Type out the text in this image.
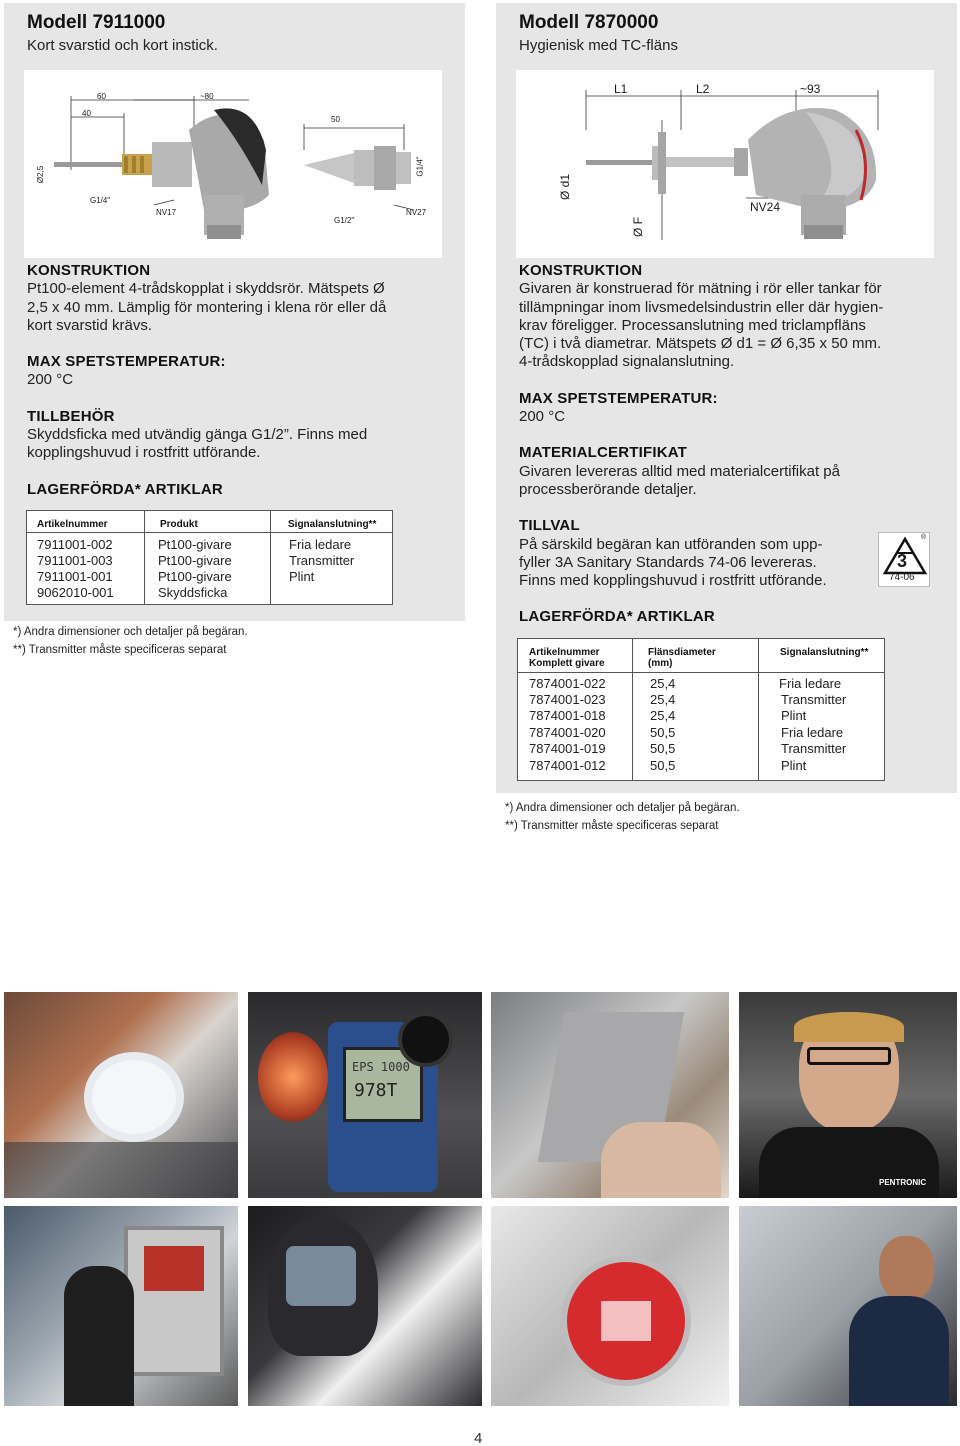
Modell 7911000
Kort svarstid och kort instick.
60	~80
40
50
Ø2,5
G1/4"
NV17
G1/2"
NV27
G1/4"

KONSTRUKTION

Pt100-element 4-trådskopplat i skyddsrör. Mätspets Ø

2,5 x 40 mm. Lämplig för montering i klena rör eller då

kort svarstid krävs.

MAX SPETSTEMPERATUR:

200 °C

TILLBEHÖR

Skyddsficka med utvändig gänga G1/2”. Finns med

kopplingshuvud i rostfritt utförande.

LAGERFÖRDA* ARTIKLAR

Artikelnummer	Produkt	Signalanslutning**
7911001-002	Pt100-givare	Fria ledare
7911001-003	Pt100-givare	Transmitter
7911001-001	Pt100-givare	Plint
9062010-001	Skyddsficka

*) Andra dimensioner och detaljer på begäran.

**) Transmitter måste specificeras separat

Modell 7870000
Hygienisk med TC-fläns
L1	L2	~93
Ø d1
Ø F
NV24

KONSTRUKTION

Givaren är konstruerad för mätning i rör eller tankar för

tillämpningar inom livsmedelsindustrin eller där hygien-

krav föreligger. Processanslutning med triclampfläns

(TC) i två diametrar. Mätspets Ø d1 = Ø 6,35 x 50 mm.

4-trådskopplad signalanslutning.

MAX SPETSTEMPERATUR:

200 °C

MATERIALCERTIFIKAT

Givaren levereras alltid med materialcertifikat på

processberörande detaljer.

TILLVAL

På särskild begäran kan utföranden som upp-

fyller 3A Sanitary Standards 74-06 levereras.

Finns med kopplingshuvud i rostfritt utförande.

LAGERFÖRDA* ARTIKLAR

3
74-06
®
Artikelnummer
Komplett givare
Flänsdiameter
(mm)
Signalanslutning**
7874001-022	25,4	Fria ledare
7874001-023	25,4	Transmitter
7874001-018	25,4	Plint
7874001-020	50,5	Fria ledare
7874001-019	50,5	Transmitter
7874001-012	50,5	Plint

*) Andra dimensioner och detaljer på begäran.

**) Transmitter måste specificeras separat

EPS 1000
978T
PENTRONIC
4
